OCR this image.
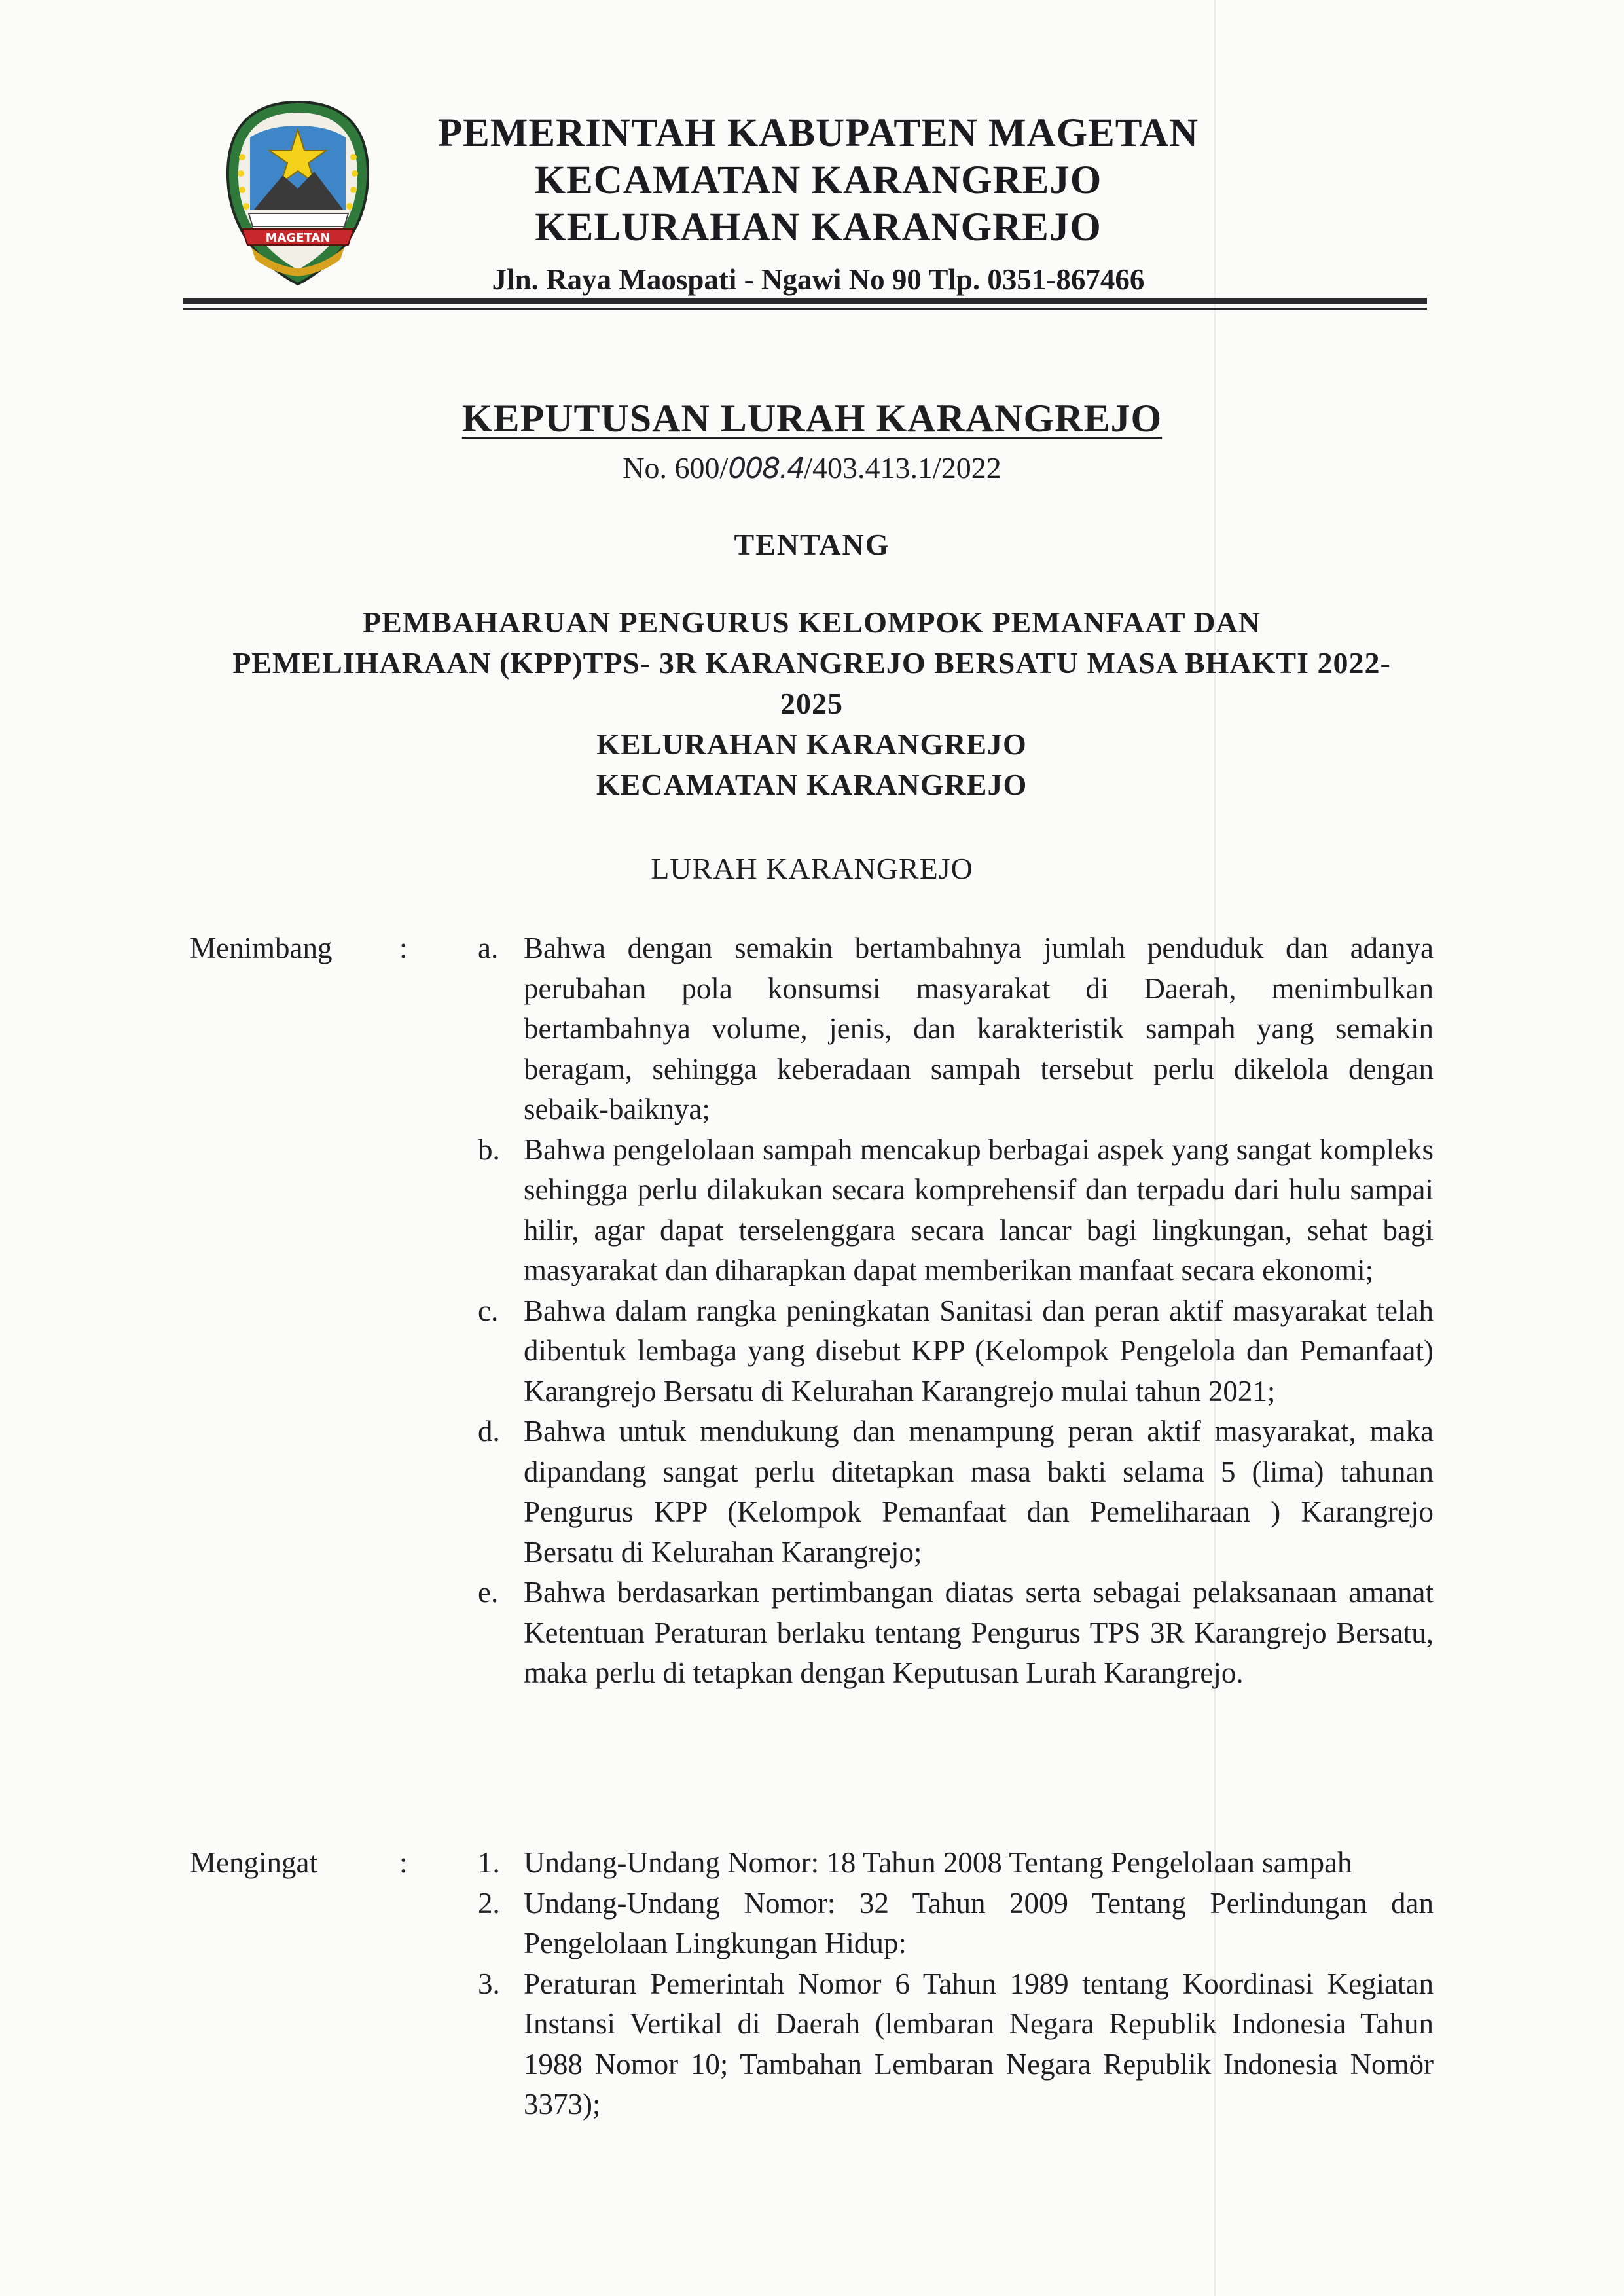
MAGETAN
PEMERINTAH KABUPATEN MAGETAN
KECAMATAN KARANGREJO
KELURAHAN KARANGREJO
Jln. Raya Maospati - Ngawi No 90 Tlp. 0351-867466
KEPUTUSAN LURAH KARANGREJO
No. 600/008.4/403.413.1/2022
TENTANG
PEMBAHARUAN PENGURUS KELOMPOK PEMANFAAT DAN
PEMELIHARAAN (KPP)TPS- 3R KARANGREJO BERSATU MASA BHAKTI 2022-
2025
KELURAHAN KARANGREJO
KECAMATAN KARANGREJO
LURAH KARANGREJO
Menimbang : a. Bahwa dengan semakin bertambahnya jumlah penduduk dan adanya perubahan pola konsumsi masyarakat di Daerah, menimbulkan bertambahnya volume, jenis, dan karakteristik sampah yang semakin beragam, sehingga keberadaan sampah tersebut perlu dikelola dengan sebaik-baiknya;
b. Bahwa pengelolaan sampah mencakup berbagai aspek yang sangat kompleks sehingga perlu dilakukan secara komprehensif dan terpadu dari hulu sampai hilir, agar dapat terselenggara secara lancar bagi lingkungan, sehat bagi masyarakat dan diharapkan dapat memberikan manfaat secara ekonomi;
c. Bahwa dalam rangka peningkatan Sanitasi dan peran aktif masyarakat telah dibentuk lembaga yang disebut KPP (Kelompok Pengelola dan Pemanfaat) Karangrejo Bersatu di Kelurahan Karangrejo mulai tahun 2021;
d. Bahwa untuk mendukung dan menampung peran aktif masyarakat, maka dipandang sangat perlu ditetapkan masa bakti selama 5 (lima) tahunan Pengurus KPP (Kelompok Pemanfaat dan Pemeliharaan ) Karangrejo Bersatu di Kelurahan Karangrejo;
e. Bahwa berdasarkan pertimbangan diatas serta sebagai pelaksanaan amanat Ketentuan Peraturan berlaku tentang Pengurus TPS 3R Karangrejo Bersatu, maka perlu di tetapkan dengan Keputusan Lurah Karangrejo.
Mengingat	: 1. Undang-Undang Nomor: 18 Tahun 2008 Tentang Pengelolaan sampah
2. Undang-Undang Nomor: 32 Tahun 2009 Tentang Perlindungan dan Pengelolaan Lingkungan Hidup:
3. Peraturan Pemerintah Nomor 6 Tahun 1989 tentang Koordinasi Kegiatan Instansi Vertikal di Daerah (lembaran Negara Republik Indonesia Tahun 1988 Nomor 10; Tambahan Lembaran Negara Republik Indonesia Nomör 3373);
